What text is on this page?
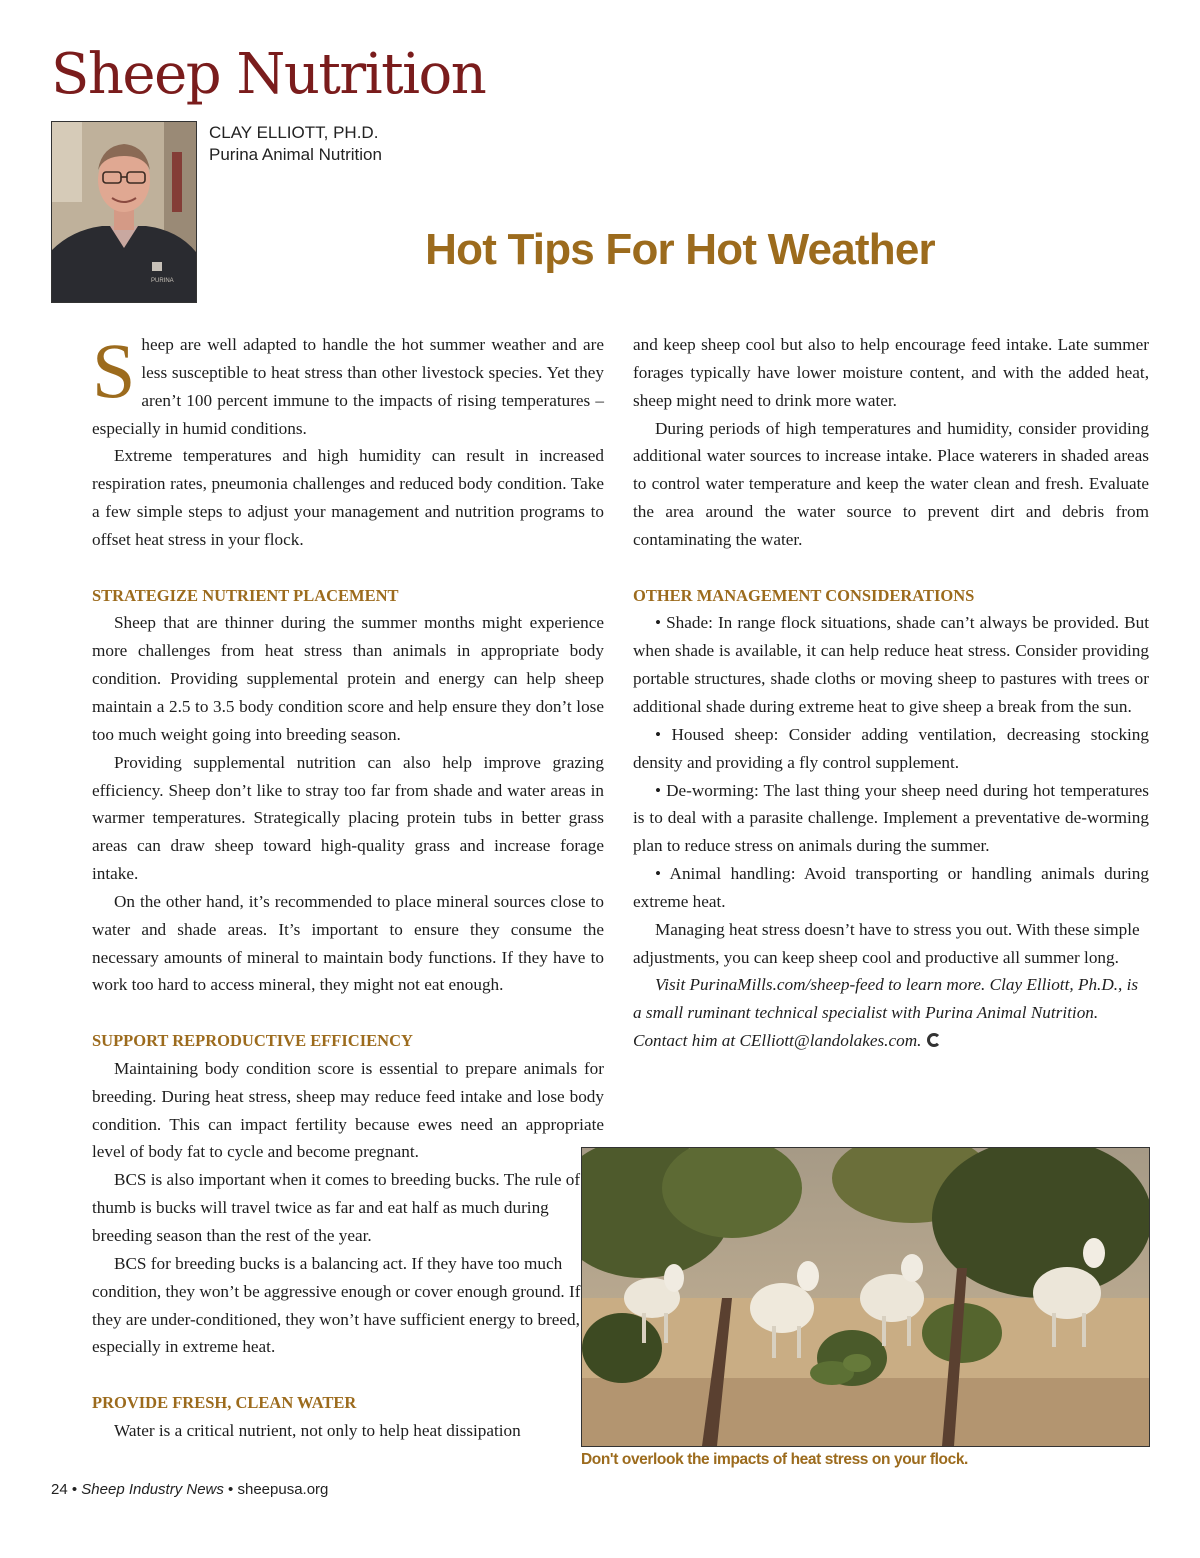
Sheep Nutrition
PURINA
CLAY ELLIOTT, PH.D.
Purina Animal Nutrition
Hot Tips For Hot Weather

Sheep are well adapted to handle the hot summer weather and are less susceptible to heat stress than other livestock species. Yet they aren’t 100 percent immune to the impacts of rising temperatures – especially in humid conditions.

Extreme temperatures and high humidity can result in increased respiration rates, pneumonia challenges and reduced body condition. Take a few simple steps to adjust your management and nutrition programs to offset heat stress in your flock.

STRATEGIZE NUTRIENT PLACEMENT

Sheep that are thinner during the summer months might experience more challenges from heat stress than animals in appropriate body condition. Providing supplemental protein and energy can help sheep maintain a 2.5 to 3.5 body condition score and help ensure they don’t lose too much weight going into breeding season.

Providing supplemental nutrition can also help improve grazing efficiency. Sheep don’t like to stray too far from shade and water areas in warmer temperatures. Strategically placing protein tubs in better grass areas can draw sheep toward high-quality grass and increase forage intake.

On the other hand, it’s recommended to place mineral sources close to water and shade areas. It’s important to ensure they consume the necessary amounts of mineral to maintain body functions. If they have to work too hard to access mineral, they might not eat enough.

SUPPORT REPRODUCTIVE EFFICIENCY

Maintaining body condition score is essential to prepare animals for breeding. During heat stress, sheep may reduce feed intake and lose body condition. This can impact fertility because ewes need an appropriate level of body fat to cycle and become pregnant.

BCS is also important when it comes to breeding bucks. The rule of thumb is bucks will travel twice as far and eat half as much during breeding season than the rest of the year.

BCS for breeding bucks is a balancing act. If they have too much condition, they won’t be aggressive enough or cover enough ground. If they are under-conditioned, they won’t have sufficient energy to breed, especially in extreme heat.

PROVIDE FRESH, CLEAN WATER

Water is a critical nutrient, not only to help heat dissipation

and keep sheep cool but also to help encourage feed intake. Late summer forages typically have lower moisture content, and with the added heat, sheep might need to drink more water.

During periods of high temperatures and humidity, consider providing additional water sources to increase intake. Place waterers in shaded areas to control water temperature and keep the water clean and fresh. Evaluate the area around the water source to prevent dirt and debris from contaminating the water.

OTHER MANAGEMENT CONSIDERATIONS

• Shade: In range flock situations, shade can’t always be provided. But when shade is available, it can help reduce heat stress. Consider providing portable structures, shade cloths or moving sheep to pastures with trees or additional shade during extreme heat to give sheep a break from the sun.

• Housed sheep: Consider adding ventilation, decreasing stocking density and providing a fly control supplement.

• De-worming: The last thing your sheep need during hot temperatures is to deal with a parasite challenge. Implement a preventative de-worming plan to reduce stress on animals during the summer.

• Animal handling: Avoid transporting or handling animals during extreme heat.

Managing heat stress doesn’t have to stress you out. With these simple adjustments, you can keep sheep cool and productive all summer long.

Visit PurinaMills.com/sheep-feed to learn more. Clay Elliott, Ph.D., is a small ruminant technical specialist with Purina Animal Nutrition. Contact him at CElliott@landolakes.com.

Don't overlook the impacts of heat stress on your flock.
24 • Sheep Industry News • sheepusa.org
